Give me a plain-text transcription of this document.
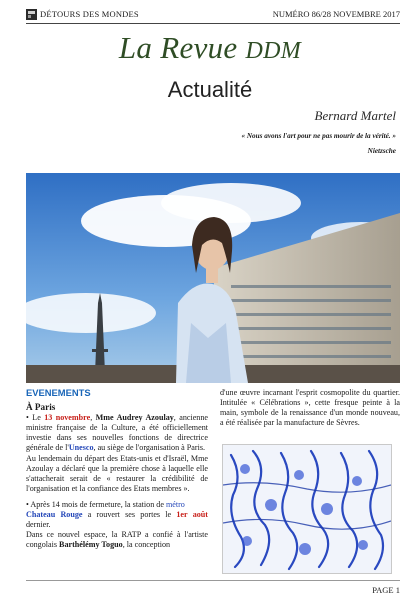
DÉTOURS DES MONDES	NUMÉRO 86/28 NOVEMBRE 2017
La Revue DDM
Actualité
Bernard Martel
« Nous avons l'art pour ne pas mourir de la vérité. »
Nietzsche
EVENEMENTS
À Paris

• Le 13 novembre, Mme Audrey Azoulay, ancienne ministre française de la Culture, a été officiellement investie dans ses nouvelles fonctions de directrice générale de l'Unesco, au siège de l'organisation à Paris.

Au lendemain du départ des Etats-unis et d'Israël, Mme Azoulay a déclaré que la première chose à laquelle elle s'attacherait serait de « restaurer la crédibilité de l'organisation et la confiance des Etats membres ».

• Après 14 mois de fermeture, la station de métro
Chateau Rouge a rouvert ses portes le 1er août dernier.

Dans ce nouvel espace, la RATP a confié à l'artiste congolais Barthélémy Toguo, la conception

d'une œuvre incarnant l'esprit cosmopolite du quartier. Intitulée « Célébrations », cette fresque peinte à la main, symbole de la renaissance d'un monde nouveau, a été réalisée par la manufacture de Sèvres.

PAGE 1
